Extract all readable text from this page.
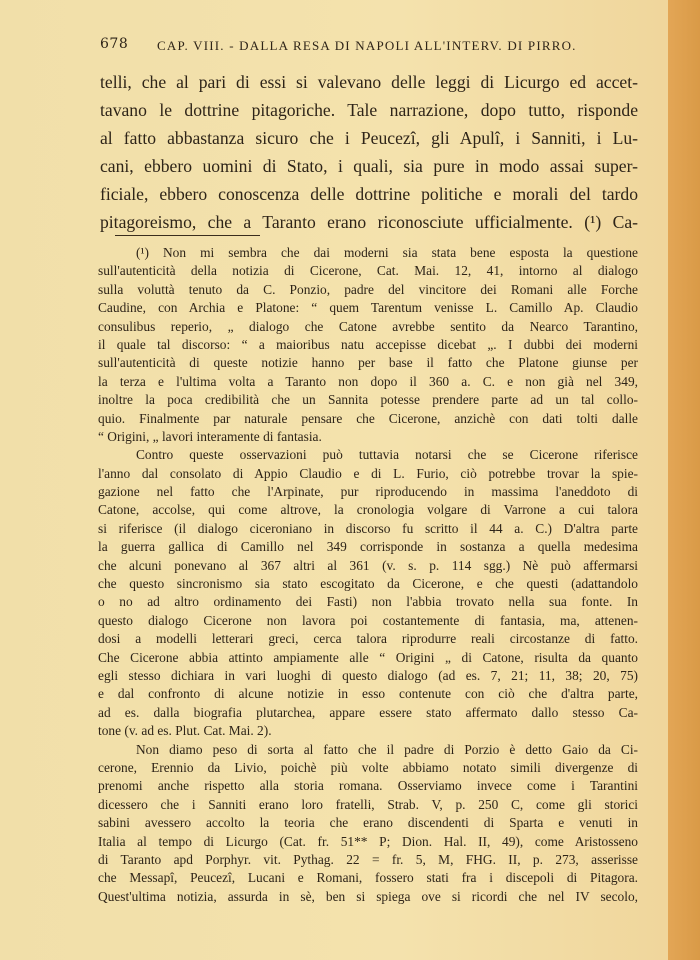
678 CAP. VIII. - DALLA RESA DI NAPOLI ALL'INTERV. DI PIRRO.
telli, che al pari di essi si valevano delle leggi di Licurgo ed accet-
tavano le dottrine pitagoriche. Tale narrazione, dopo tutto, risponde
al fatto abbastanza sicuro che i Peucezî, gli Apulî, i Sanniti, i Lu-
cani, ebbero uomini di Stato, i quali, sia pure in modo assai super-
ficiale, ebbero conoscenza delle dottrine politiche e morali del tardo
pitagoreismo, che a Taranto erano riconosciute ufficialmente. (¹) Ca-
(¹) Non mi sembra che dai moderni sia stata bene esposta la questione
sull'autenticità della notizia di Cicerone, Cat. Mai. 12, 41, intorno al dialogo
sulla voluttà tenuto da C. Ponzio, padre del vincitore dei Romani alle Forche
Caudine, con Archia e Platone: “ quem Tarentum venisse L. Camillo Ap. Claudio
consulibus reperio, „ dialogo che Catone avrebbe sentito da Nearco Tarantino,
il quale tal discorso: “ a maioribus natu accepisse dicebat „. I dubbi dei moderni
sull'autenticità di queste notizie hanno per base il fatto che Platone giunse per
la terza e l'ultima volta a Taranto non dopo il 360 a. C. e non già nel 349,
inoltre la poca credibilità che un Sannita potesse prendere parte ad un tal collo-
quio. Finalmente par naturale pensare che Cicerone, anzichè con dati tolti dalle
“ Origini, „ lavori interamente di fantasia.
Contro queste osservazioni può tuttavia notarsi che se Cicerone riferisce
l'anno dal consolato di Appio Claudio e di L. Furio, ciò potrebbe trovar la spie-
gazione nel fatto che l'Arpinate, pur riproducendo in massima l'aneddoto di
Catone, accolse, qui come altrove, la cronologia volgare di Varrone a cui talora
si riferisce (il dialogo ciceroniano in discorso fu scritto il 44 a. C.) D'altra parte
la guerra gallica di Camillo nel 349 corrisponde in sostanza a quella medesima
che alcuni ponevano al 367 altri al 361 (v. s. p. 114 sgg.) Nè può affermarsi
che questo sincronismo sia stato escogitato da Cicerone, e che questi (adattandolo
o no ad altro ordinamento dei Fasti) non l'abbia trovato nella sua fonte. In
questo dialogo Cicerone non lavora poi costantemente di fantasia, ma, attenen-
dosi a modelli letterari greci, cerca talora riprodurre reali circostanze di fatto.
Che Cicerone abbia attinto ampiamente alle “ Origini „ di Catone, risulta da quanto
egli stesso dichiara in vari luoghi di questo dialogo (ad es. 7, 21; 11, 38; 20, 75)
e dal confronto di alcune notizie in esso contenute con ciò che d'altra parte,
ad es. dalla biografia plutarchea, appare essere stato affermato dallo stesso Ca-
tone (v. ad es. Plut. Cat. Mai. 2).
Non diamo peso di sorta al fatto che il padre di Porzio è detto Gaio da Ci-
cerone, Erennio da Livio, poichè più volte abbiamo notato simili divergenze di
prenomi anche rispetto alla storia romana. Osserviamo invece come i Tarantini
dicessero che i Sanniti erano loro fratelli, Strab. V, p. 250 C, come gli storici
sabini avessero accolto la teoria che erano discendenti di Sparta e venuti in
Italia al tempo di Licurgo (Cat. fr. 51** P; Dion. Hal. II, 49), come Aristosseno
di Taranto apd Porphyr. vit. Pythag. 22 = fr. 5, M, FHG. II, p. 273, asserisse
che Messapî, Peucezî, Lucani e Romani, fossero stati fra i discepoli di Pitagora.
Quest'ultima notizia, assurda in sè, ben si spiega ove si ricordi che nel IV secolo,
